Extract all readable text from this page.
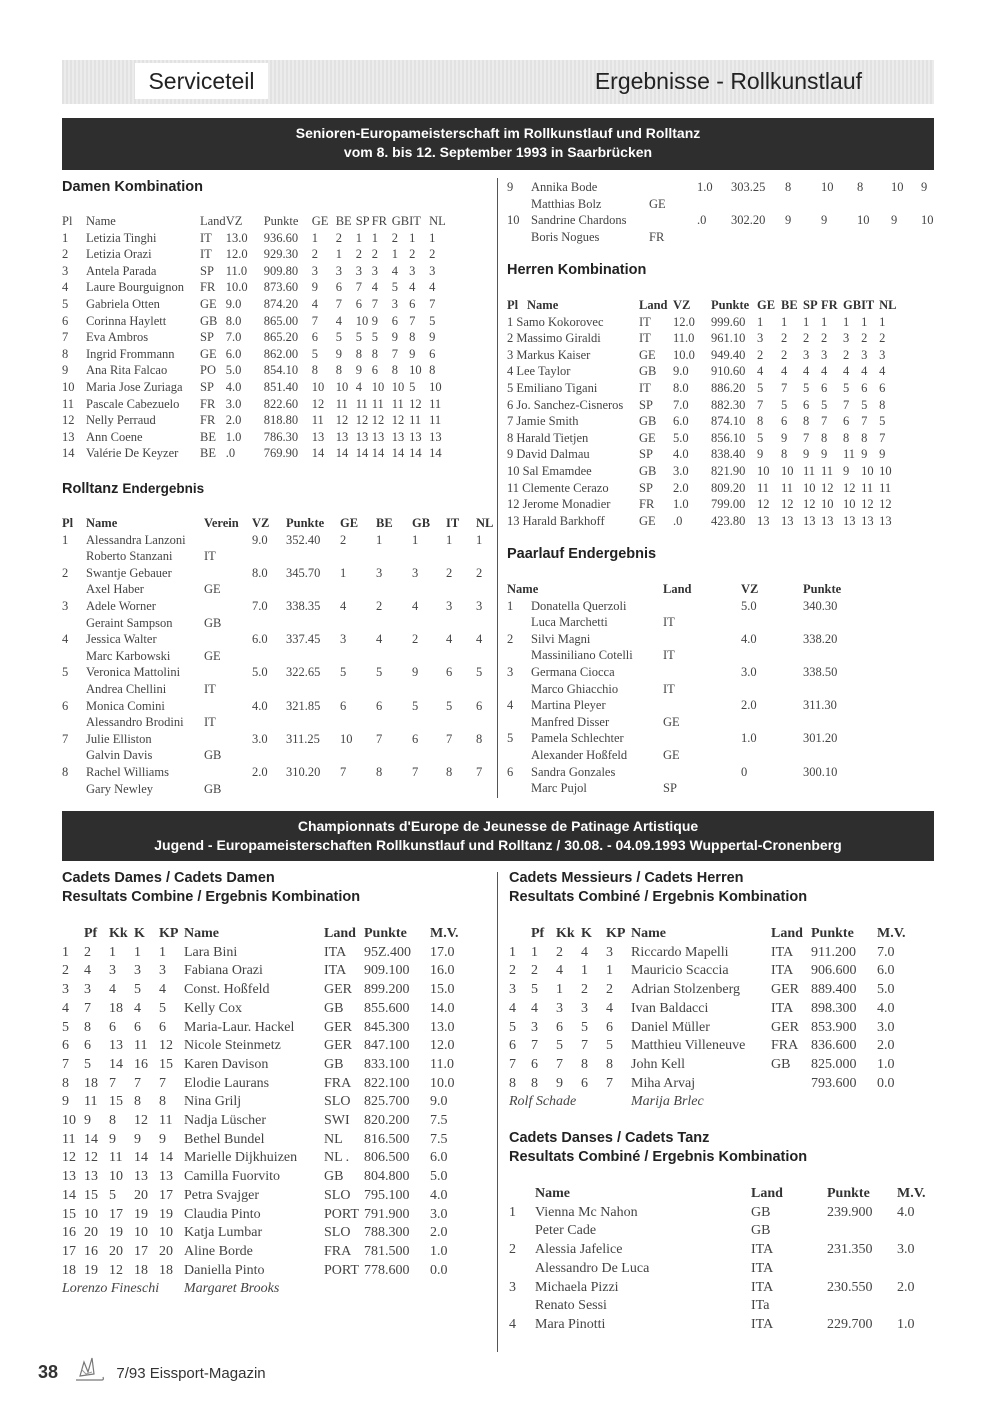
Serviceteil	Ergebnisse - Rollkunstlauf
Senioren-Europameisterschaft im Rollkunstlauf und Rolltanz
vom 8. bis 12. September 1993 in Saarbrücken
Damen Kombination
Pl	Name	Land	VZ	Punkte	GE	BE	SP	FR	GB	IT	NL
1	Letizia Tinghi	IT	13.0	936.60	1	2	1	1	2	1	1
2	Letizia Orazi	IT	12.0	929.30	2	1	2	2	1	2	2
3	Antela Parada	SP	11.0	909.80	3	3	3	3	4	3	3
4	Laure Bourguignon	FR	10.0	873.60	9	6	7	4	5	4	4
5	Gabriela Otten	GE	9.0	874.20	4	7	6	7	3	6	7
6	Corinna Haylett	GB	8.0	865.00	7	4	10	9	6	7	5
7	Eva Ambros	SP	7.0	865.20	6	5	5	5	9	8	9
8	Ingrid Frommann	GE	6.0	862.00	5	9	8	8	7	9	6
9	Ana Rita Falcao	PO	5.0	854.10	8	8	9	6	8	10	8
10	Maria Jose Zuriaga	SP	4.0	851.40	10	10	4	10	10	5	10
11	Pascale Cabezuelo	FR	3.0	822.60	12	11	11	11	11	12	11
12	Nelly Perraud	FR	2.0	818.80	11	12	12	12	12	11	11
13	Ann Coene	BE	1.0	786.30	13	13	13	13	13	13	13
14	Valérie De Keyzer	BE	.0	769.90	14	14	14	14	14	14	14
Rolltanz Endergebnis
Pl	Name	Verein	VZ	Punkte	GE	BE	GB	IT	NL
1	Alessandra Lanzoni		9.0	352.40	2	1	1	1	1
	Roberto Stanzani	IT							
2	Swantje Gebauer		8.0	345.70	1	3	3	2	2
	Axel Haber	GE							
3	Adele Worner		7.0	338.35	4	2	4	3	3
	Geraint Sampson	GB							
4	Jessica Walter		6.0	337.45	3	4	2	4	4
	Marc Karbowski	GE							
5	Veronica Mattolini		5.0	322.65	5	5	9	6	5
	Andrea Chellini	IT							
6	Monica Comini		4.0	321.85	6	6	5	5	6
	Alessandro Brodini	IT							
7	Julie Elliston		3.0	311.25	10	7	6	7	8
	Galvin Davis	GB							
8	Rachel Williams		2.0	310.20	7	8	7	8	7
	Gary Newley	GB							
9	Annika Bode		1.0	303.25	8	10	8	10	9
	Matthias Bolz	GE							
10	Sandrine Chardons		.0	302.20	9	9	10	9	10
	Boris Nogues	FR							
Herren Kombination
Pl	Name	Land	VZ	Punkte	GE	BE	SP	FR	GB	IT	NL
1 Samo Kokorovec		IT	12.0	999.60	1	1	1	1	1	1	1
2 Massimo Giraldi		IT	11.0	961.10	3	2	2	2	3	2	2
3 Markus Kaiser		GE	10.0	949.40	2	2	3	3	2	3	3
4 Lee Taylor		GB	9.0	910.60	4	4	4	4	4	4	4
5 Emiliano Tigani		IT	8.0	886.20	5	7	5	6	5	6	6
6 Jo. Sanchez-Cisneros		SP	7.0	882.30	7	5	6	5	7	5	8
7 Jamie Smith		GB	6.0	874.10	8	6	8	7	6	7	5
8 Harald Tietjen		GE	5.0	856.10	5	9	7	8	8	8	7
9 David Dalmau		SP	4.0	838.40	9	8	9	9	11	9	9
10 Sal Emamdee		GB	3.0	821.90	10	10	11	11	9	10	10
11 Clemente Cerazo		SP	2.0	809.20	11	11	10	12	12	11	11
12 Jerome Monadier		FR	1.0	799.00	12	12	12	10	10	12	12
13 Harald Barkhoff		GE	.0	423.80	13	13	13	13	13	13	13
Paarlauf Endergebnis
Name		Land	VZ	Punkte
1	Donatella Querzoli		5.0	340.30
	Luca Marchetti	IT		
2	Silvi Magni		4.0	338.20
	Massiniliano Cotelli	IT		
3	Germana Ciocca		3.0	338.50
	Marco Ghiacchio	IT		
4	Martina Pleyer		2.0	311.30
	Manfred Disser	GE		
5	Pamela Schlechter		1.0	301.20
	Alexander Hoßfeld	GE		
6	Sandra Gonzales		0	300.10
	Marc Pujol	SP		
Championnats d'Europe de Jeunesse de Patinage Artistique
Jugend - Europameisterschaften Rollkunstlauf und Rolltanz / 30.08. - 04.09.1993 Wuppertal-Cronenberg
Cadets Dames / Cadets Damen
Resultats Combine / Ergebnis Kombination
	Pf	Kk	K	KP	Name	Land	Punkte	M.V.
1	2	1	1	1	Lara Bini	ITA	95Z.400	17.0
2	4	3	3	3	Fabiana Orazi	ITA	909.100	16.0
3	3	4	5	4	Const. Hoßfeld	GER	899.200	15.0
4	7	18	4	5	Kelly Cox	GB	855.600	14.0
5	8	6	6	6	Maria-Laur. Hackel	GER	845.300	13.0
6	6	13	11	12	Nicole Steinmetz	GER	847.100	12.0
7	5	14	16	15	Karen Davison	GB	833.100	11.0
8	18	7	7	7	Elodie Laurans	FRA	822.100	10.0
9	11	15	8	8	Nina Grilj	SLO	825.700	9.0
10	9	8	12	11	Nadja Lüscher	SWI	820.200	7.5
11	14	9	9	9	Bethel Bundel	NL	816.500	7.5
12	12	11	14	14	Marielle Dijkhuizen	NL .	806.500	6.0
13	13	10	13	13	Camilla Fuorvito	GB	804.800	5.0
14	15	5	20	17	Petra Svajger	SLO	795.100	4.0
15	10	17	19	19	Claudia Pinto	PORT	791.900	3.0
16	20	19	10	10	Katja Lumbar	SLO	788.300	2.0
17	16	20	17	20	Aline Borde	FRA	781.500	1.0
18	19	12	18	18	Daniella Pinto	PORT	778.600	0.0
Lorenzo Fineschi					Margaret Brooks			
Cadets Messieurs / Cadets Herren
Resultats Combiné / Ergebnis Kombination
	Pf	Kk	K	KP	Name	Land	Punkte	M.V.
1	1	2	4	3	Riccardo Mapelli	ITA	911.200	7.0
2	2	4	1	1	Mauricio Scaccia	ITA	906.600	6.0
3	5	1	2	2	Adrian Stolzenberg	GER	889.400	5.0
4	4	3	3	4	Ivan Baldacci	ITA	898.300	4.0
5	3	6	5	6	Daniel Müller	GER	853.900	3.0
6	7	5	7	5	Matthieu Villeneuve	FRA	836.600	2.0
7	6	7	8	8	John Kell	GB	825.000	1.0
8	8	9	6	7	Miha Arvaj		793.600	0.0
Rolf Schade					Marija Brlec			
Cadets Danses / Cadets Tanz
Resultats Combiné / Ergebnis Kombination
	Name	Land	Punkte	M.V.
1	Vienna Mc Nahon	GB	239.900	4.0
	Peter Cade	GB		
2	Alessia Jafelice	ITA	231.350	3.0
	Alessandro De Luca	ITA		
3	Michaela Pizzi	ITA	230.550	2.0
	Renato Sessi	ITa		
4	Mara Pinotti	ITA	229.700	1.0
38	7/93 Eissport-Magazin
